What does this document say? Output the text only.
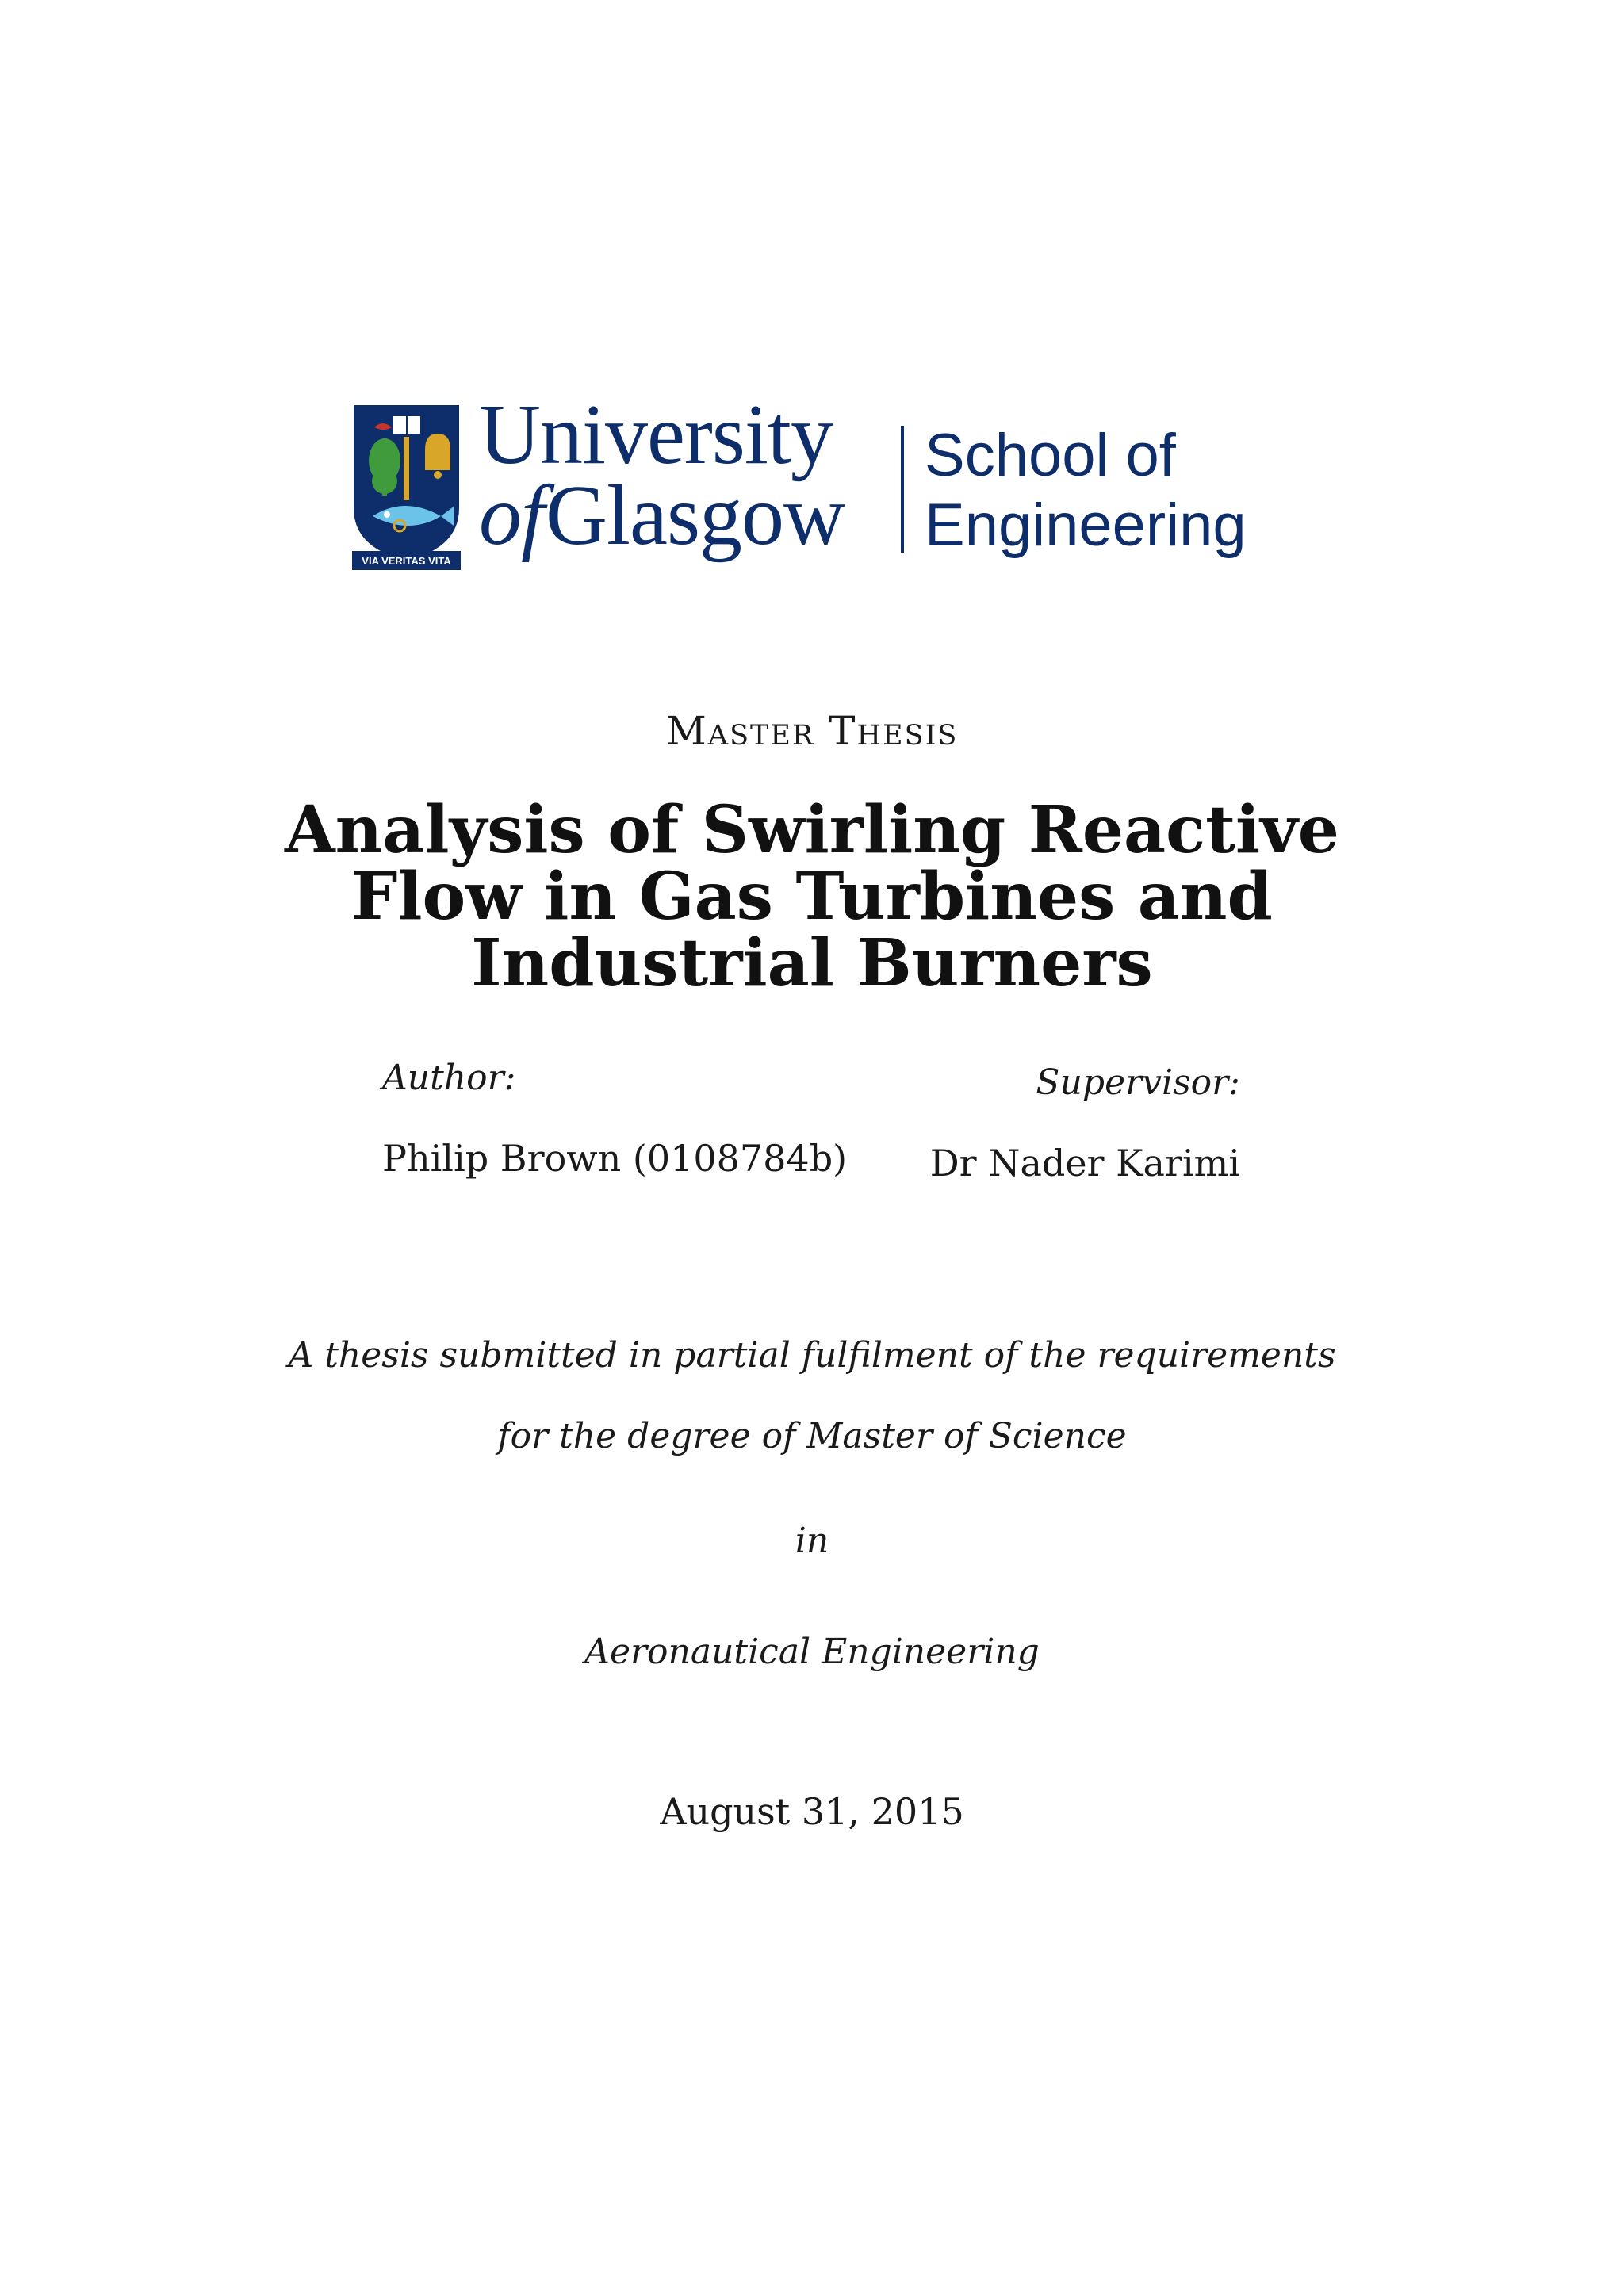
VIA VERITAS VITA
University
ofGlasgow
School of
Engineering
Master Thesis
Analysis of Swirling Reactive
Flow in Gas Turbines and
Industrial Burners
Author:	Supervisor:
Philip Brown (0108784b) Dr Nader Karimi
A thesis submitted in partial fulfilment of the requirements
for the degree of Master of Science
in
Aeronautical Engineering
August 31, 2015
